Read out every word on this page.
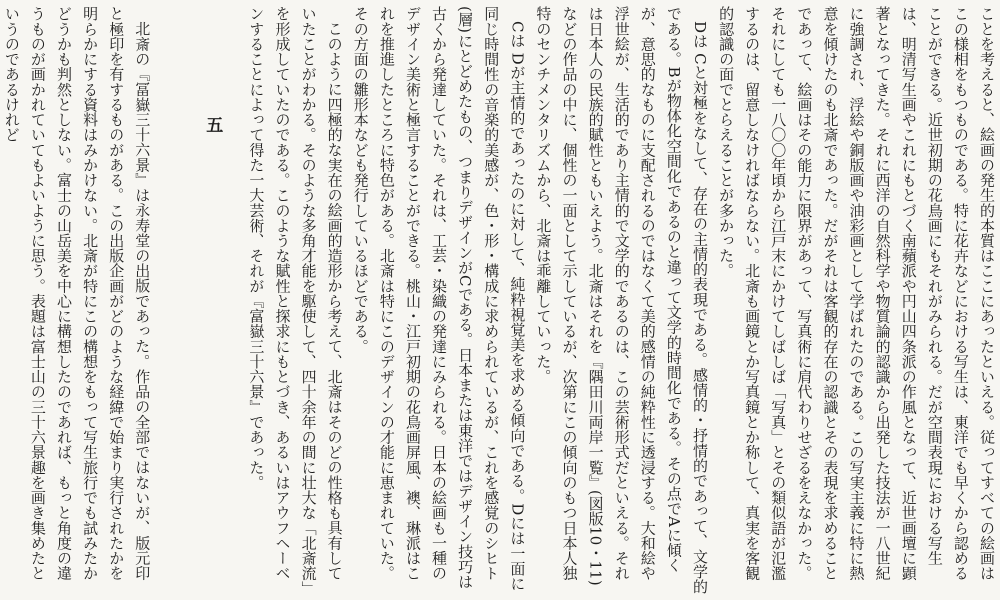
ことを考えると、絵画の発生的本質はここにあったといえる。従ってすべての絵画はこの様相をもつものである。特に花卉などにおける写生は、東洋でも早くから認めることができる。近世初期の花鳥画にもそれがみられる。だが空間表現における写生は、明清写生画やこれにもとづく南蘋派や円山四条派の作風となって、近世画壇に顕著となってきた。それに西洋の自然科学や物質論的認識から出発した技法が一八世紀に強調され、浮絵や銅版画や油彩画として学ばれたのである。この写実主義に特に熱意を傾けたのも北斎であった。だがそれは客観的存在の認識とその表現を求めることであって、絵画はその能力に限界があって、写真術に肩代わりせざるをえなかった。それにしても一八〇〇年頃から江戸末にかけてしばしば「写真」とその類似語が氾濫するのは、留意しなければならない。北斎も画鏡とか写真鏡とか称して、真実を客観的認識の面でとらえることが多かった。

Dは Cと対極をなして、存在の主情的表現である。感情的・抒情的であって、文学的である。Bが物体化空間化であるのと違って文学的時間化である。その点でAに傾くが、意思的なものに支配されるのではなくて美的感情の純粋性に透浸する。大和絵や浮世絵が、生活的であり主情的で文学的であるのは、この芸術形式だといえる。それは日本人の民族的賦性ともいえよう。北斎はそれを『隅田川両岸一覧』(図版10・11)などの作品の中に、個性の一面として示しているが、次第にこの傾向のもつ日本人独特のセンチメンタリズムから、北斎は乖離していった。

Cは Dが主情的であったのに対して、純粋視覚美を求める傾向である。Dには一面に同じ時間性の音楽的美感が、色・形・構成に求められているが、これを感覚のシヒト(層)にとどめたもの、つまりデザインがCである。日本または東洋ではデザイン技巧は古くから発達していた。それは、工芸・染織の発達にみられる。日本の絵画も一種のデザイン美術と極言することができる。桃山・江戸初期の花鳥画屏風、襖、琳派はこれを推進したところに特色がある。北斎は特にこのデザインの才能に恵まれていた。その方面の雛形本なども発行しているほどである。

このように四極的な実在の絵画的造形から考えて、北斎はそのどの性格も具有していたことがわかる。そのような多角才能を駆使して、四十余年の間に壮大な「北斎流」を形成していたのである。このような賦性と探求にもとづき、あるいはアウフヘーベンすることによって得た一大芸術、それが『富嶽三十六景』であった。

五

北斎の『冨嶽三十六景』は永寿堂の出版であった。作品の全部ではないが、版元印と極印を有するものがある。この出版企画がどのような経緯で始まり実行されたかを明らかにする資料はみかけない。北斎が特にこの構想をもって写生旅行でも試みたかどうかも判然としない。富士の山岳美を中心に構想したのであれば、もっと角度の違うものが画かれていてもよいように思う。表題は富士山の三十六景趣を画き集めたというのであるけれど
